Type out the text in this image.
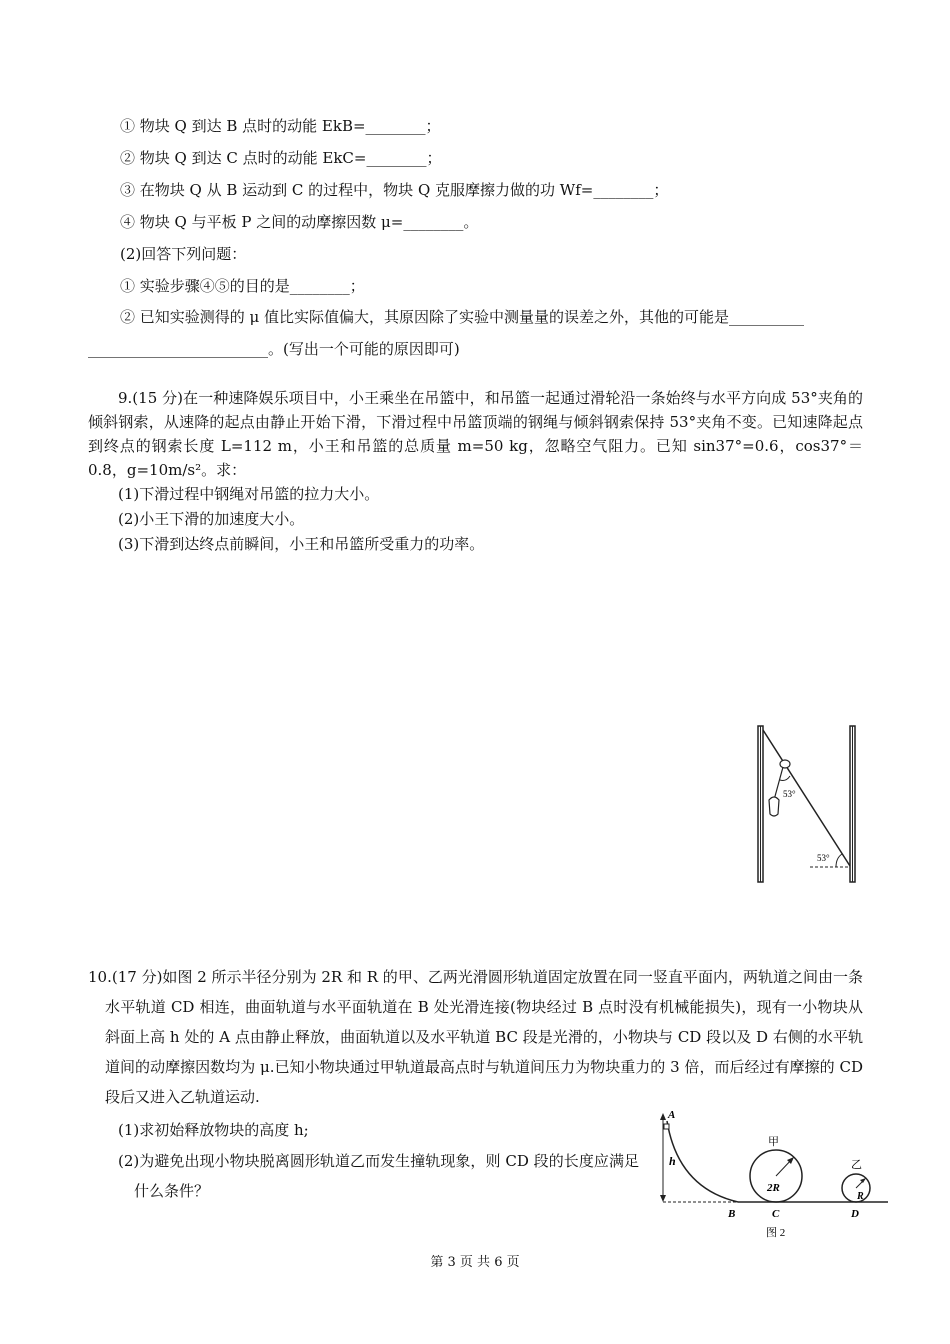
① 物块 Q 到达 B 点时的动能 EkB=________；
② 物块 Q 到达 C 点时的动能 EkC=________；
③ 在物块 Q 从 B 运动到 C 的过程中，物块 Q 克服摩擦力做的功 Wf=________；
④ 物块 Q 与平板 P 之间的动摩擦因数 μ=________。
(2)回答下列问题：
① 实验步骤④⑤的目的是________；
② 已知实验测得的 μ 值比实际值偏大，其原因除了实验中测量量的误差之外，其他的可能是__________
________________________。(写出一个可能的原因即可)
9.(15 分)在一种速降娱乐项目中，小王乘坐在吊篮中，和吊篮一起通过滑轮沿一条始终与水平方向成 53°夹角的倾斜钢索，从速降的起点由静止开始下滑，下滑过程中吊篮顶端的钢绳与倾斜钢索保持 53°夹角不变。已知速降起点到终点的钢索长度 L=112 m，小王和吊篮的总质量 m=50 kg，忽略空气阻力。已知 sin37°=0.6，cos37°＝0.8，g=10m/s²。求：
(1)下滑过程中钢绳对吊篮的拉力大小。
(2)小王下滑的加速度大小。
(3)下滑到达终点前瞬间，小王和吊篮所受重力的功率。
53°
53°
10.(17 分)如图 2 所示半径分别为 2R 和 R 的甲、乙两光滑圆形轨道固定放置在同一竖直平面内，两轨道之间由一条水平轨道 CD 相连，曲面轨道与水平面轨道在 B 处光滑连接(物块经过 B 点时没有机械能损失)，现有一小物块从斜面上高 h 处的 A 点由静止释放，曲面轨道以及水平轨道 BC 段是光滑的，小物块与 CD 段以及 D 右侧的水平轨道间的动摩擦因数均为 μ.已知小物块通过甲轨道最高点时与轨道间压力为物块重力的 3 倍，而后经过有摩擦的 CD 段后又进入乙轨道运动.
(1)求初始释放物块的高度 h;
(2)为避免出现小物块脱离圆形轨道乙而发生撞轨现象，则 CD 段的长度应满足什么条件？
h
A
2R
甲
R
乙
B	C	D
图 2
第 3 页 共 6 页
